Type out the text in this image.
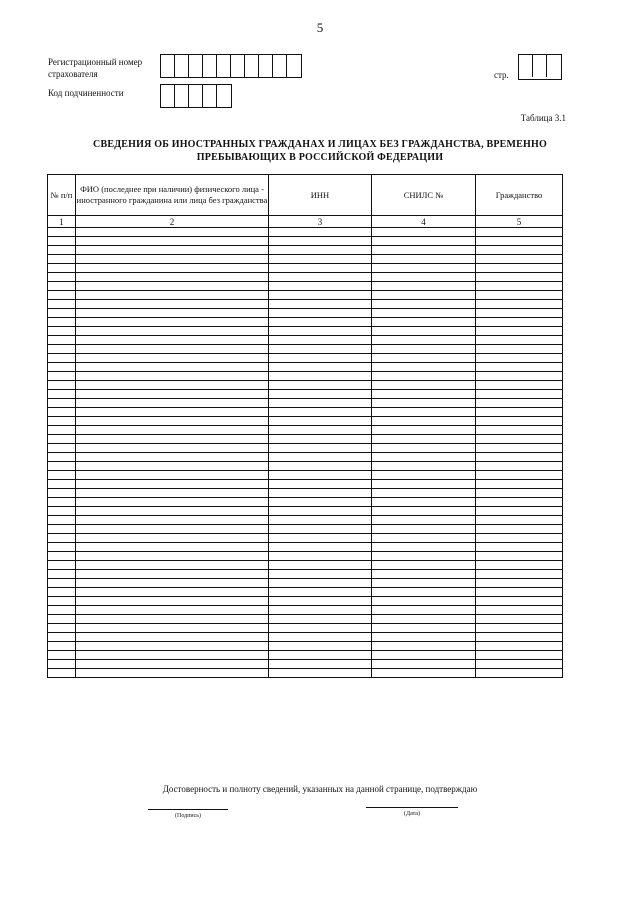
5
Регистрационный номер страхователя
Код подчиненности
стр.
Таблица 3.1
СВЕДЕНИЯ ОБ ИНОСТРАННЫХ ГРАЖДАНАХ И ЛИЦАХ БЕЗ ГРАЖДАНСТВА, ВРЕМЕННО ПРЕБЫВАЮЩИХ В РОССИЙСКОЙ ФЕДЕРАЦИИ
№ п/п	ФИО (последнее при наличии) физического лица - иностранного гражданина или лица без гражданства	ИНН	СНИЛС №	Гражданство
1	2	3	4	5

Достоверность и полноту сведений, указанных на данной странице, подтверждаю
(Подпись)	(Дата)
